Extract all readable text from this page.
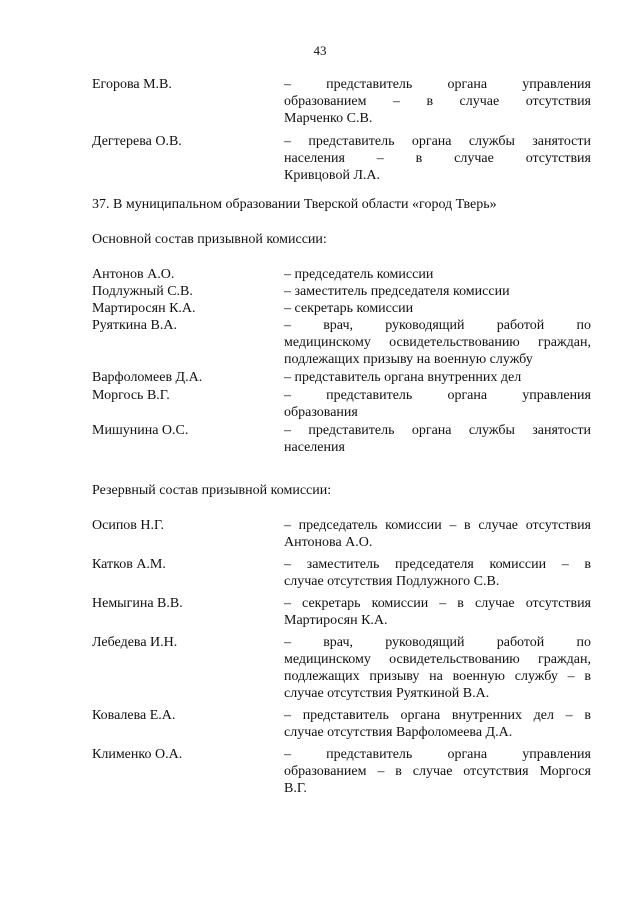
43
Егорова М.В.	– представитель органа управления
образованием – в случае отсутствия
Марченко С.В.
Дегтерева О.В.	– представитель органа службы занятости
населения – в случае отсутствия
Кривцовой Л.А.

37. В муниципальном образовании Тверской области «город Тверь»

Основной состав призывной комиссии:

Антонов А.О.	– председатель комиссии
Подлужный С.В.	– заместитель председателя комиссии
Мартиросян К.А.	– секретарь комиссии
Руяткина В.А.	– врач, руководящий работой по
медицинскому освидетельствованию граждан,
подлежащих призыву на военную службу
Варфоломеев Д.А.	– представитель органа внутренних дел
Моргось В.Г.	– представитель органа управления
образования
Мишунина О.С.	– представитель органа службы занятости
населения

Резервный состав призывной комиссии:

Осипов Н.Г.	– председатель комиссии – в случае отсутствия
Антонова А.О.
Катков А.М.	– заместитель председателя комиссии – в
случае отсутствия Подлужного С.В.
Немыгина В.В.	– секретарь комиссии – в случае отсутствия
Мартиросян К.А.
Лебедева И.Н.	– врач, руководящий работой по
медицинскому освидетельствованию граждан,
подлежащих призыву на военную службу – в
случае отсутствия Руяткиной В.А.
Ковалева Е.А.	– представитель органа внутренних дел – в
случае отсутствия Варфоломеева Д.А.
Клименко О.А.	– представитель органа управления
образованием – в случае отсутствия Моргося
В.Г.
